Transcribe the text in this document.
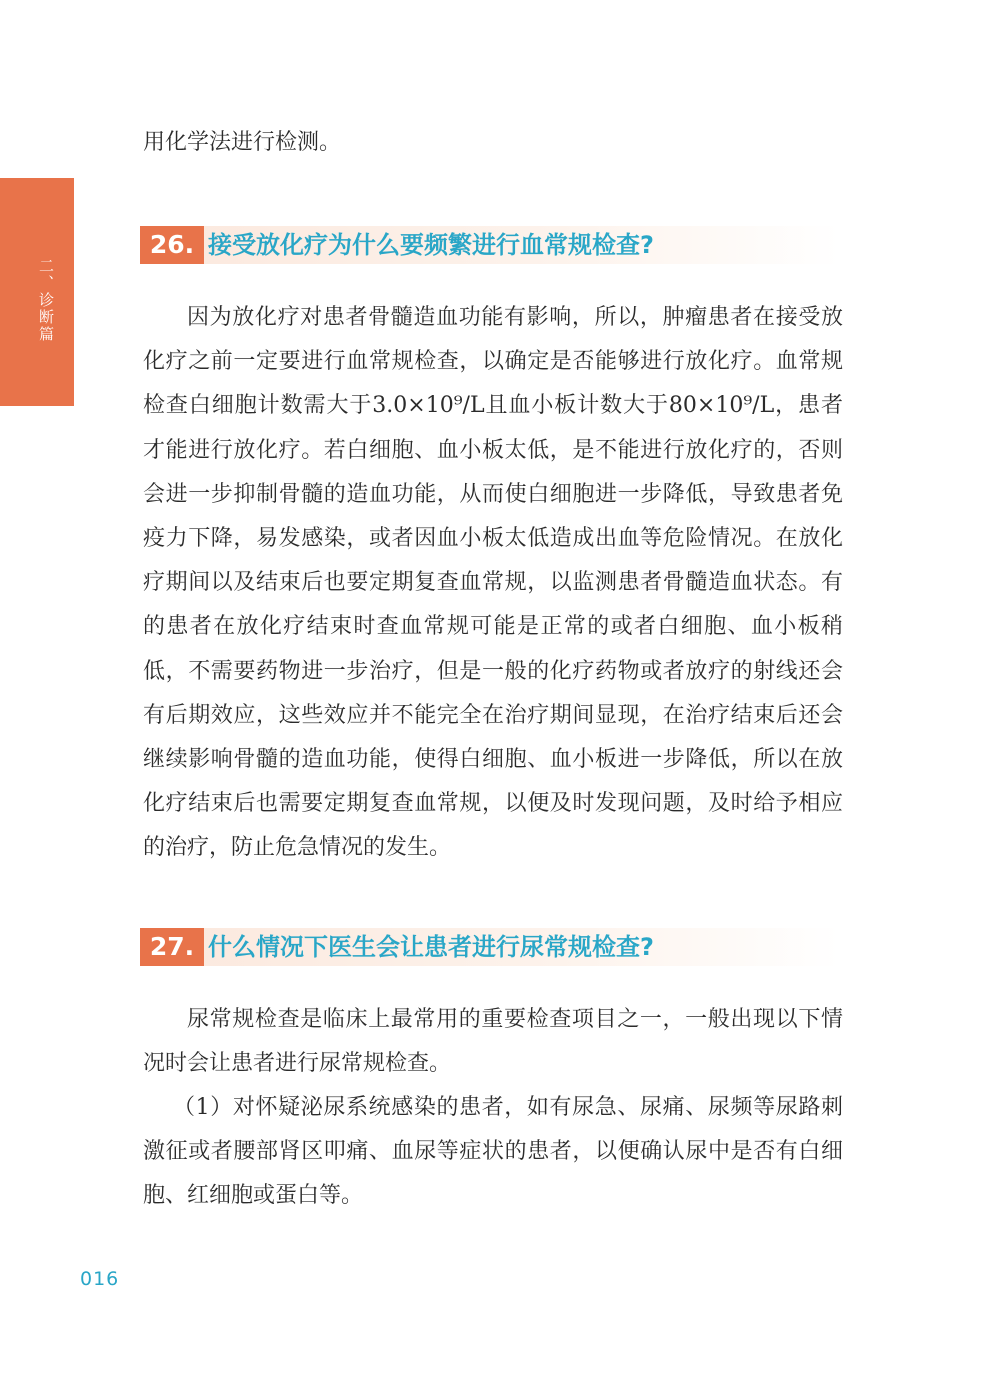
二、诊断篇

用化学法进行检测。

26. 接受放化疗为什么要频繁进行血常规检查?

因为放化疗对患者骨髓造血功能有影响，所以，肿瘤患者在接受放化疗之前一定要进行血常规检查，以确定是否能够进行放化疗。血常规检查白细胞计数需大于3.0×10⁹/L且血小板计数大于80×10⁹/L，患者才能进行放化疗。若白细胞、血小板太低，是不能进行放化疗的，否则会进一步抑制骨髓的造血功能，从而使白细胞进一步降低，导致患者免疫力下降，易发感染，或者因血小板太低造成出血等危险情况。在放化疗期间以及结束后也要定期复查血常规，以监测患者骨髓造血状态。有的患者在放化疗结束时查血常规可能是正常的或者白细胞、血小板稍低，不需要药物进一步治疗，但是一般的化疗药物或者放疗的射线还会有后期效应，这些效应并不能完全在治疗期间显现，在治疗结束后还会继续影响骨髓的造血功能，使得白细胞、血小板进一步降低，所以在放化疗结束后也需要定期复查血常规，以便及时发现问题，及时给予相应的治疗，防止危急情况的发生。

27. 什么情况下医生会让患者进行尿常规检查?

尿常规检查是临床上最常用的重要检查项目之一，一般出现以下情况时会让患者进行尿常规检查。

（1）对怀疑泌尿系统感染的患者，如有尿急、尿痛、尿频等尿路刺激征或者腰部肾区叩痛、血尿等症状的患者，以便确认尿中是否有白细胞、红细胞或蛋白等。

016
